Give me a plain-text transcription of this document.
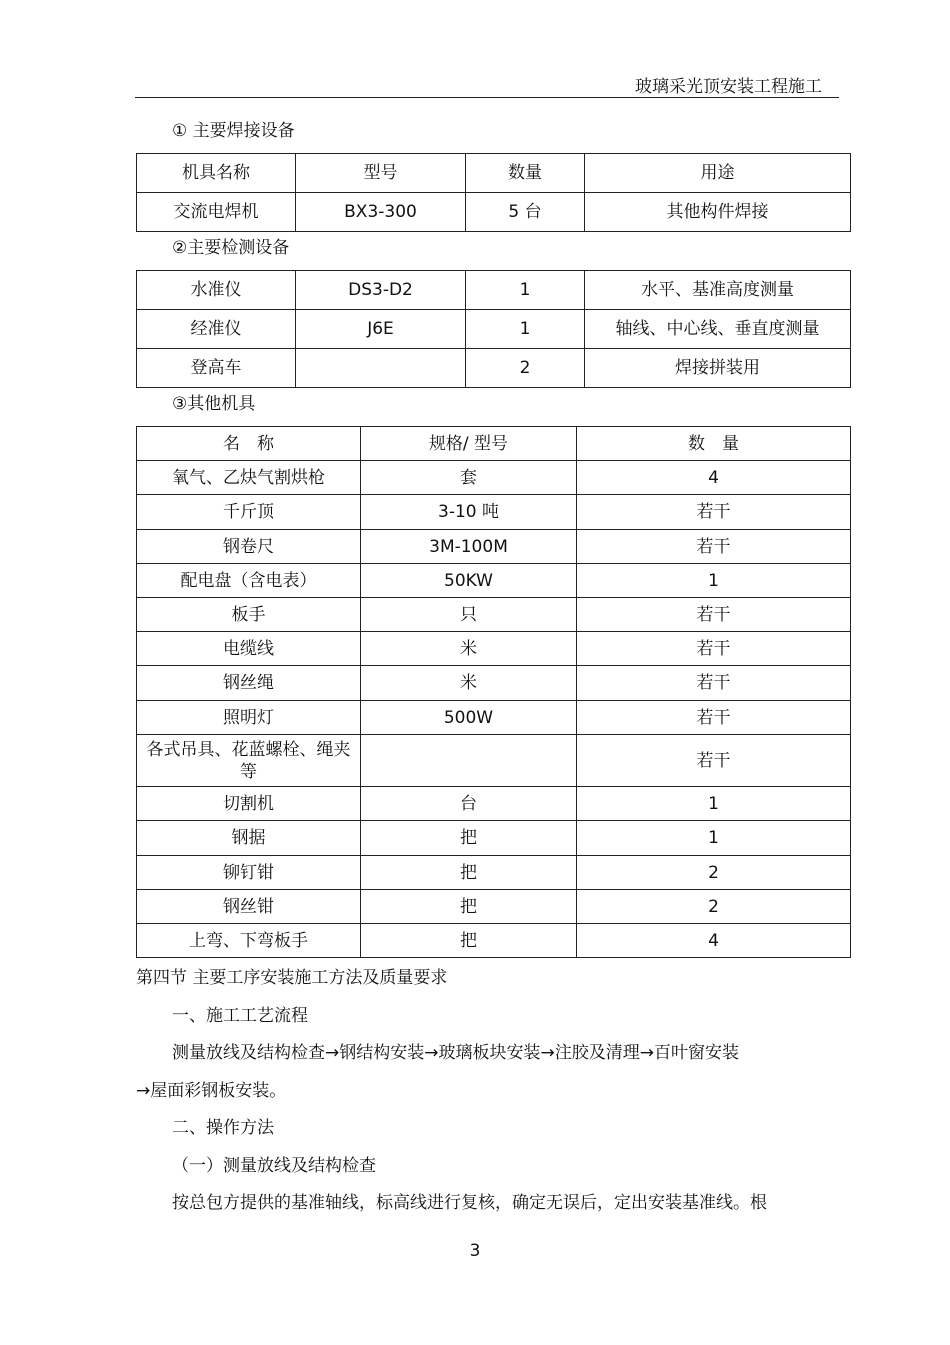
玻璃采光顶安装工程施工
① 主要焊接设备
机具名称	型号	数量	用途
交流电焊机	BX3-300	5 台	其他构件焊接
②主要检测设备
水准仪	DS3-D2	1	水平、基准高度测量
经准仪	J6E	1	轴线、中心线、垂直度测量
登高车		2	焊接拼装用
③其他机具
名　称	规格/ 型号	数　量
氧气、乙炔气割烘枪	套	4
千斤顶	3-10 吨	若干
钢卷尺	3M-100M	若干
配电盘（含电表）	50KW	1
板手	只	若干
电缆线	米	若干
钢丝绳	米	若干
照明灯	500W	若干
各式吊具、花蓝螺栓、绳夹等		若干
切割机	台	1
钢据	把	1
铆钉钳	把	2
钢丝钳	把	2
上弯、下弯板手	把	4
第四节 主要工序安装施工方法及质量要求
一、施工工艺流程
测量放线及结构检查→钢结构安装→玻璃板块安装→注胶及清理→百叶窗安装
→屋面彩钢板安装。
二、操作方法
（一）测量放线及结构检查
按总包方提供的基准轴线，标高线进行复核，确定无误后，定出安装基准线。根
3
